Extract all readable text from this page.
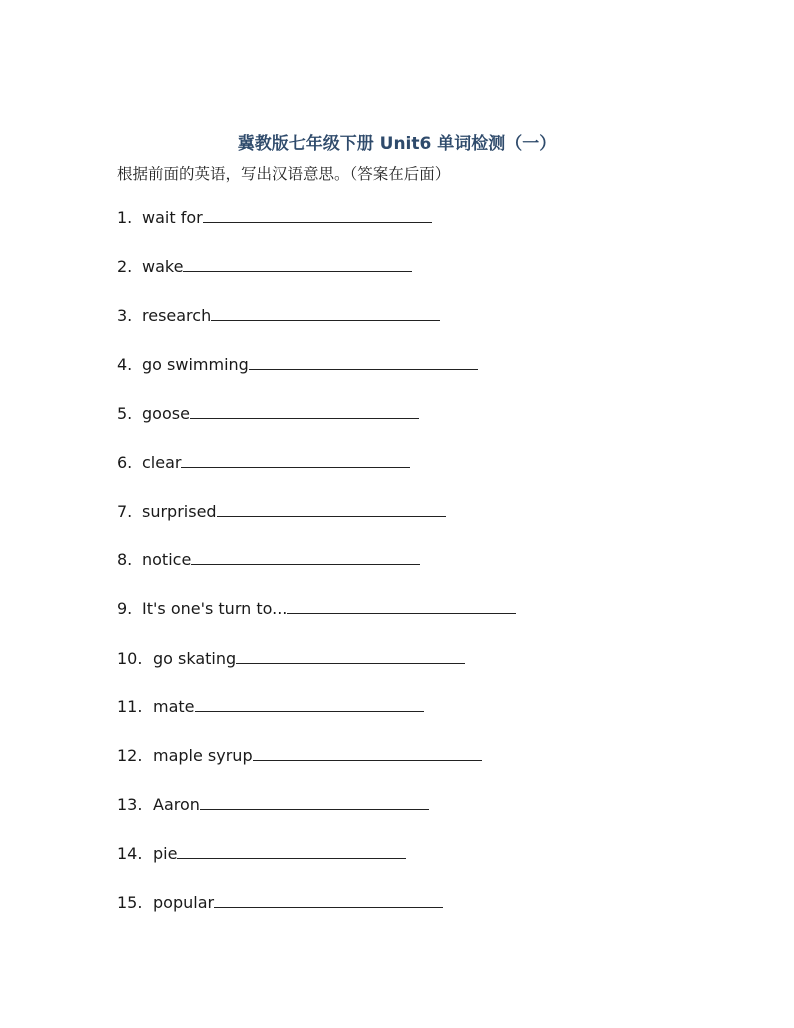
冀教版七年级下册 Unit6 单词检测（一）
根据前面的英语，写出汉语意思。（答案在后面）
1. wait for
2. wake
3. research
4. go swimming
5. goose
6. clear
7. surprised
8. notice
9. It's one's turn to...
10. go skating
11. mate
12. maple syrup
13. Aaron
14. pie
15. popular
